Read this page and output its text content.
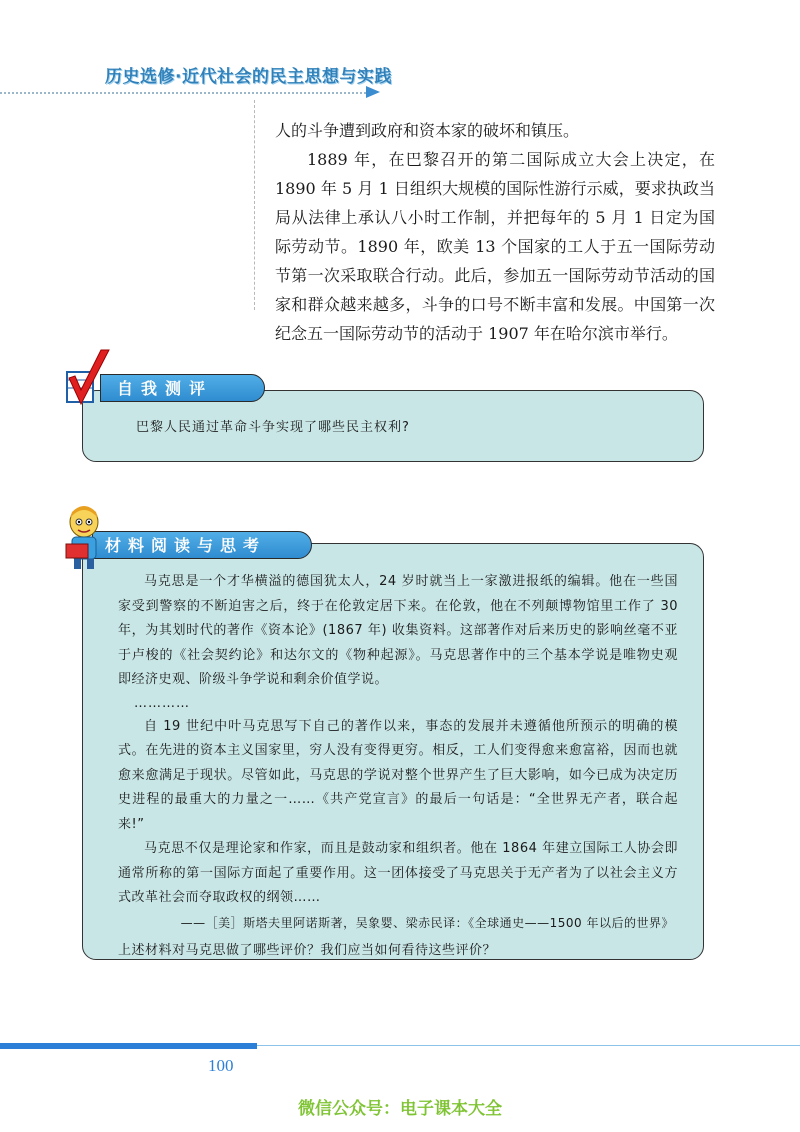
历史选修·近代社会的民主思想与实践

人的斗争遭到政府和资本家的破坏和镇压。

1889 年，在巴黎召开的第二国际成立大会上决定，在 1890 年 5 月 1 日组织大规模的国际性游行示威，要求执政当局从法律上承认八小时工作制，并把每年的 5 月 1 日定为国际劳动节。1890 年，欧美 13 个国家的工人于五一国际劳动节第一次采取联合行动。此后，参加五一国际劳动节活动的国家和群众越来越多，斗争的口号不断丰富和发展。中国第一次纪念五一国际劳动节的活动于 1907 年在哈尔滨市举行。

自我测评
巴黎人民通过革命斗争实现了哪些民主权利?
材料阅读与思考

马克思是一个才华横溢的德国犹太人，24 岁时就当上一家激进报纸的编辑。他在一些国家受到警察的不断迫害之后，终于在伦敦定居下来。在伦敦，他在不列颠博物馆里工作了 30 年，为其划时代的著作《资本论》(1867 年) 收集资料。这部著作对后来历史的影响丝毫不亚于卢梭的《社会契约论》和达尔文的《物种起源》。马克思著作中的三个基本学说是唯物史观即经济史观、阶级斗争学说和剩余价值学说。

…………

自 19 世纪中叶马克思写下自己的著作以来，事态的发展并未遵循他所预示的明确的模式。在先进的资本主义国家里，穷人没有变得更穷。相反，工人们变得愈来愈富裕，因而也就愈来愈满足于现状。尽管如此，马克思的学说对整个世界产生了巨大影响，如今已成为决定历史进程的最重大的力量之一……《共产党宣言》的最后一句话是：“全世界无产者，联合起来!”

马克思不仅是理论家和作家，而且是鼓动家和组织者。他在 1864 年建立国际工人协会即通常所称的第一国际方面起了重要作用。这一团体接受了马克思关于无产者为了以社会主义方式改革社会而夺取政权的纲领……

——［美］斯塔夫里阿诺斯著，吴象婴、梁赤民译：《全球通史——1500 年以后的世界》

上述材料对马克思做了哪些评价？我们应当如何看待这些评价？

100
微信公众号：电子课本大全
